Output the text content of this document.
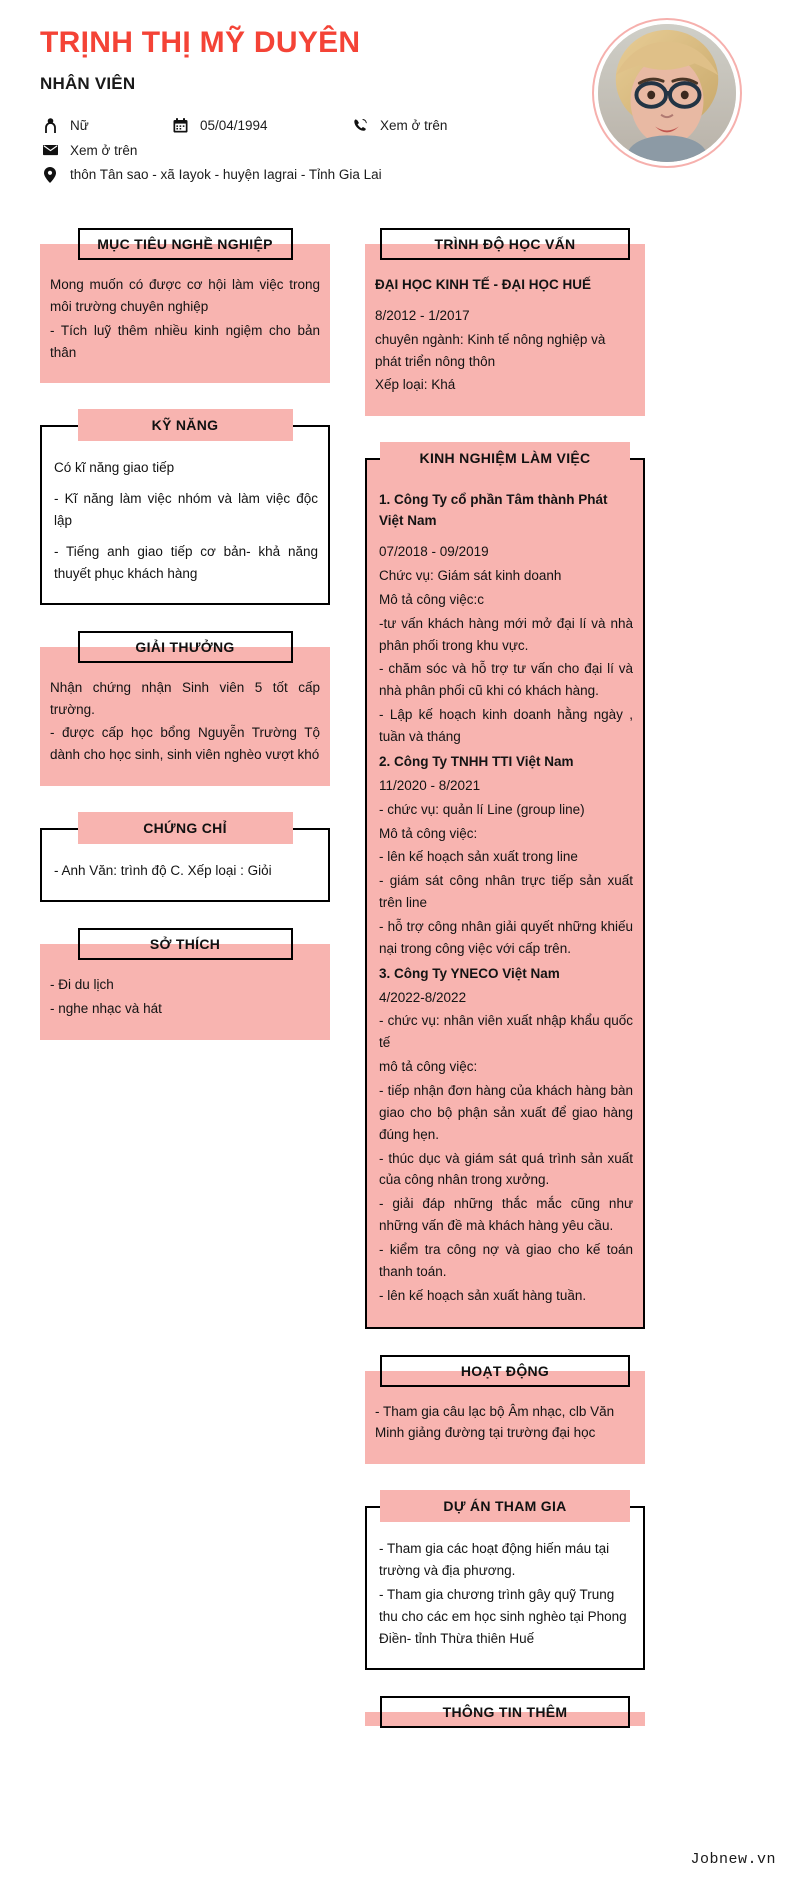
TRỊNH THỊ MỸ DUYÊN
NHÂN VIÊN
Nữ	05/04/1994	Xem ở trên
Xem ở trên
thôn Tân sao - xã Iayok - huyện Iagrai - Tỉnh Gia Lai
MỤC TIÊU NGHỀ NGHIỆP
Mong muốn có được cơ hội làm việc trong môi trường chuyên nghiệp
- Tích luỹ thêm nhiều kinh ngiệm cho bản thân
KỸ NĂNG
Có kĩ năng giao tiếp
- Kĩ năng làm việc nhóm và làm việc độc lập
- Tiếng anh giao tiếp cơ bản- khả năng thuyết phục khách hàng
GIẢI THƯỞNG
Nhận chứng nhận Sinh viên 5 tốt cấp trường.
- được cấp học bổng Nguyễn Trường Tộ dành cho học sinh, sinh viên nghèo vượt khó
CHỨNG CHỈ
- Anh Văn: trình độ C. Xếp loại : Giỏi
SỞ THÍCH
- Đi du lịch
- nghe nhạc và hát
TRÌNH ĐỘ HỌC VẤN
ĐẠI HỌC KINH TẾ - ĐẠI HỌC HUẾ
8/2012 - 1/2017
chuyên ngành: Kinh tế nông nghiệp và phát triển nông thôn
Xếp loại: Khá
KINH NGHIỆM LÀM VIỆC
1. Công Ty cổ phần Tâm thành Phát Việt Nam
07/2018 - 09/2019
Chức vụ: Giám sát kinh doanh
Mô tả công việc:c
-tư vấn khách hàng mới mở đại lí và nhà phân phối trong khu vực.
- chăm sóc và hỗ trợ tư vấn cho đại lí và nhà phân phối cũ khi có khách hàng.
- Lập kế hoạch kinh doanh hằng ngày , tuần và tháng
2. Công Ty TNHH TTI Việt Nam
11/2020 - 8/2021
- chức vụ: quản lí Line (group line)
Mô tả công việc:
- lên kế hoạch sản xuất trong line
- giám sát công nhân trực tiếp sản xuất trên line
- hỗ trợ công nhân giải quyết những khiếu nại trong công việc với cấp trên.
3. Công Ty YNECO Việt Nam
4/2022-8/2022
- chức vụ: nhân viên xuất nhập khẩu quốc tế
mô tả công việc:
- tiếp nhận đơn hàng của khách hàng bàn giao cho bộ phận sản xuất để giao hàng đúng hẹn.
- thúc dục và giám sát quá trình sản xuất của công nhân trong xưởng.
- giải đáp những thắc mắc cũng như những vấn đề mà khách hàng yêu cầu.
- kiểm tra công nợ và giao cho kế toán thanh toán.
- lên kế hoạch sản xuất hàng tuần.
HOẠT ĐỘNG
- Tham gia câu lạc bộ Âm nhạc, clb Văn Minh giảng đường tại trường đại học
DỰ ÁN THAM GIA
- Tham gia các hoạt động hiến máu tại trường và địa phương.
- Tham gia chương trình gây quỹ Trung thu cho các em học sinh nghèo tại Phong Điền- tỉnh Thừa thiên Huế
THÔNG TIN THÊM
Jobnew.vn
